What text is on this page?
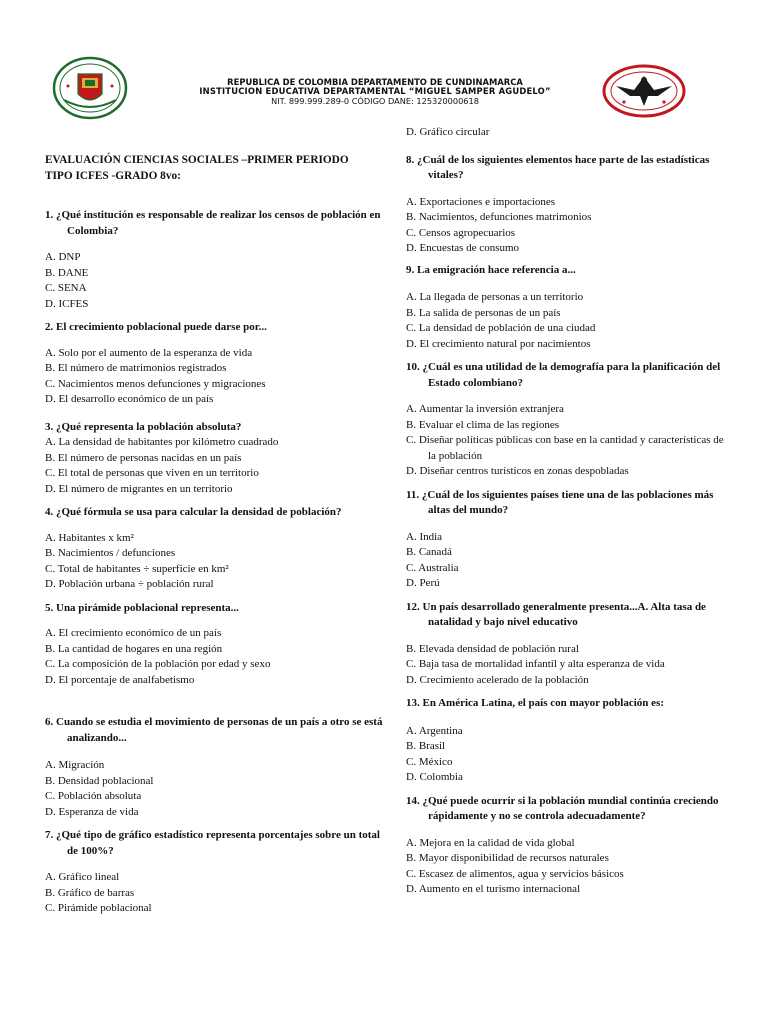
REPUBLICA DE COLOMBIA DEPARTAMENTO DE CUNDINAMARCA
INSTITUCION EDUCATIVA DEPARTAMENTAL “MIGUEL SAMPER AGUDELO”
NIT. 899.999.289-0 CÓDIGO DANE: 125320000618
EVALUACIÓN CIENCIAS SOCIALES –PRIMER PERIODO
TIPO ICFES -GRADO 8vo:
1. ¿Qué institución es responsable de realizar los censos de población en Colombia?
A. DNP
B. DANE
C. SENA
D. ICFES
2. El crecimiento poblacional puede darse por...
A. Solo por el aumento de la esperanza de vida
B. El número de matrimonios registrados
C. Nacimientos menos defunciones y migraciones
D. El desarrollo económico de un país
3. ¿Qué representa la población absoluta?
A. La densidad de habitantes por kilómetro cuadrado
B. El número de personas nacidas en un país
C. El total de personas que viven en un territorio
D. El número de migrantes en un territorio
4. ¿Qué fórmula se usa para calcular la densidad de población?
A. Habitantes x km²
B. Nacimientos / defunciones
C. Total de habitantes ÷ superficie en km²
D. Población urbana ÷ población rural
5. Una pirámide poblacional representa...
A. El crecimiento económico de un país
B. La cantidad de hogares en una región
C. La composición de la población por edad y sexo
D. El porcentaje de analfabetismo
6. Cuando se estudia el movimiento de personas de un país a otro se está analizando...
A. Migración
B. Densidad poblacional
C. Población absoluta
D. Esperanza de vida
7. ¿Qué tipo de gráfico estadístico representa porcentajes sobre un total de 100%?
A. Gráfico lineal
B. Gráfico de barras
C. Pirámide poblacional
D. Gráfico circular
8. ¿Cuál de los siguientes elementos hace parte de las estadísticas vitales?
A. Exportaciones e importaciones
B. Nacimientos, defunciones matrimonios
C. Censos agropecuarios
D. Encuestas de consumo
9. La emigración hace referencia a...
A. La llegada de personas a un territorio
B. La salida de personas de un país
C. La densidad de población de una ciudad
D. El crecimiento natural por nacimientos
10. ¿Cuál es una utilidad de la demografía para la planificación del Estado colombiano?
A. Aumentar la inversión extranjera
B. Evaluar el clima de las regiones
C. Diseñar políticas públicas con base en la cantidad y características de la población
D. Diseñar centros turísticos en zonas despobladas
11. ¿Cuál de los siguientes países tiene una de las poblaciones más altas del mundo?
A. India
B. Canadá
C. Australia
D. Perú
12. Un país desarrollado generalmente presenta...A. Alta tasa de natalidad y bajo nivel educativo
B. Elevada densidad de población rural
C. Baja tasa de mortalidad infantil y alta esperanza de vida
D. Crecimiento acelerado de la población
13. En América Latina, el país con mayor población es:
A. Argentina
B. Brasil
C. México
D. Colombia
14. ¿Qué puede ocurrir si la población mundial continúa creciendo rápidamente y no se controla adecuadamente?
A. Mejora en la calidad de vida global
B. Mayor disponibilidad de recursos naturales
C. Escasez de alimentos, agua y servicios básicos
D. Aumento en el turismo internacional
